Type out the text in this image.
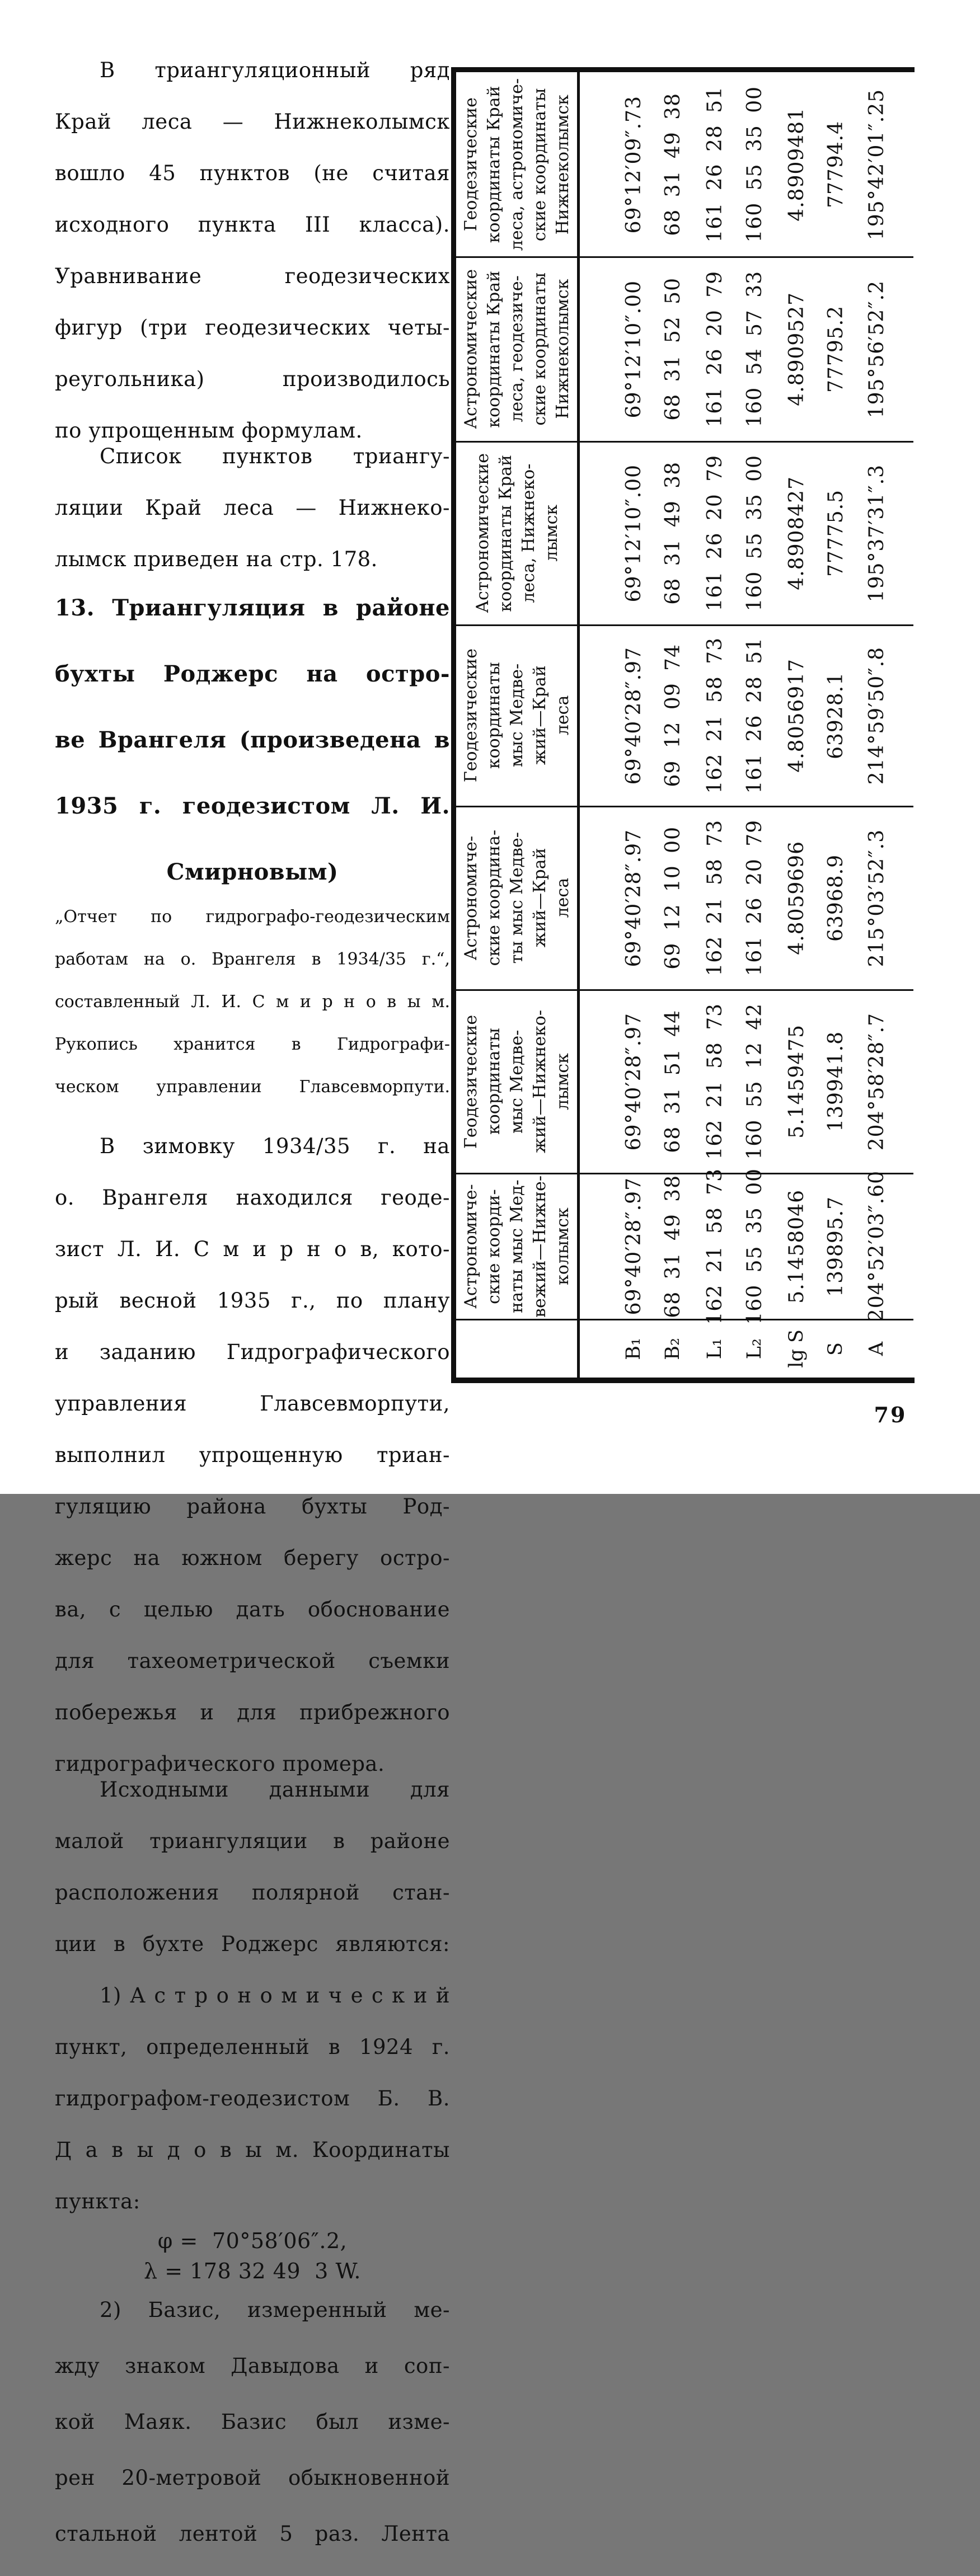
В триангуляционный ряд
Край леса — Нижнеколымск
вошло 45 пунктов (не считая
исходного пункта III класса).
Уравнивание геодезических
фигур (три геодезических четы-
реугольника) производилось
по упрощенным формулам.
Список пунктов триангу-
ляции Край леса — Нижнеко-
лымск приведен на стр. 178.
13. Триангуляция в районе
бухты Роджерс на остро-
ве Врангеля (произведена в
1935 г. геодезистом Л. И.
Смирновым)
„Отчет по гидрографо-геодезическим
работам на о. Врангеля в 1934/35 г.“,
составленный Л. И. С м и р н о в ы м.
Рукопись хранится в Гидрографи-
ческом управлении Главсевморпути.
В зимовку 1934/35 г. на
о. Врангеля находился геоде-
зист Л. И. С м и р н о в, кото-
рый весной 1935 г., по плану
и заданию Гидрографического
управления Главсевморпути,
выполнил упрощенную триан-
гуляцию района бухты Род-
жерс на южном берегу остро-
ва, с целью дать обоснование
для тахеометрической съемки
побережья и для прибрежного
гидрографического промера.
Исходными данными для
малой триангуляции в районе
расположения полярной стан-
ции в бухте Роджерс являются:
1) А с т р о н о м и ч е с к и й
пункт, определенный в 1924 г.
гидрографом-геодезистом Б. В.
Д а в ы д о в ы м. Координаты
пункта:
φ =  70°58′06″.2,
λ = 178 32 49  3 W.
2) Базис, измеренный ме-
жду знаком Давыдова и соп-
кой Маяк. Базис был изме-
рен 20-метровой обыкновенной
стальной лентой 5 раз. Лента
Геодезические координаты Край леса, астрономиче- ские координаты Нижнеколымск 69°12′09″.73 68 31 49 38 161 26 28 51 160 55 35 00 4.8909481 77794.4 195°42′01″.25
Астрономические координаты Край леса, геодезиче- ские координаты Нижнеколымск 69°12′10″.00 68 31 52 50 161 26 20 79 160 54 57 33 4.8909527 77795.2 195°56′52″.2
Астрономические координаты Край леса, Нижнеко- лымск	69°12′10″.00 68 31 49 38 161 26 20 79 160 55 35 00 4.8908427 77775.5 195°37′31″.3
Геодезические координаты мыс Медве- жий—Край леса 69°40′28″.97 69 12 09 74 162 21 58 73 161 26 28 51 4.8056917 63928.1 214°59′50″.8
Астрономиче- ские координа- ты мыс Медве- жий—Край леса 69°40′28″.97 69 12 10 00 162 21 58 73 161 26 20 79 4.8059696 63968.9 215°03′52″.3
Геодезические координаты мыс Медве- жий—Нижнеко- лымск 69°40′28″.97 68 31 51 44 162 21 58 73 160 55 12 42 5.1459475 139941.8 204°58′28″.7
Астрономиче- ские коорди- наты мыс Мед- вежий—Нижне- колымск 69°40′28″.97 68 31 49 38 162 21 58 73 160 55 35 00 5.1458046 139895.7 204°52′03″.60
B₁ B₂ L₁ L₂ lg S S A
79
